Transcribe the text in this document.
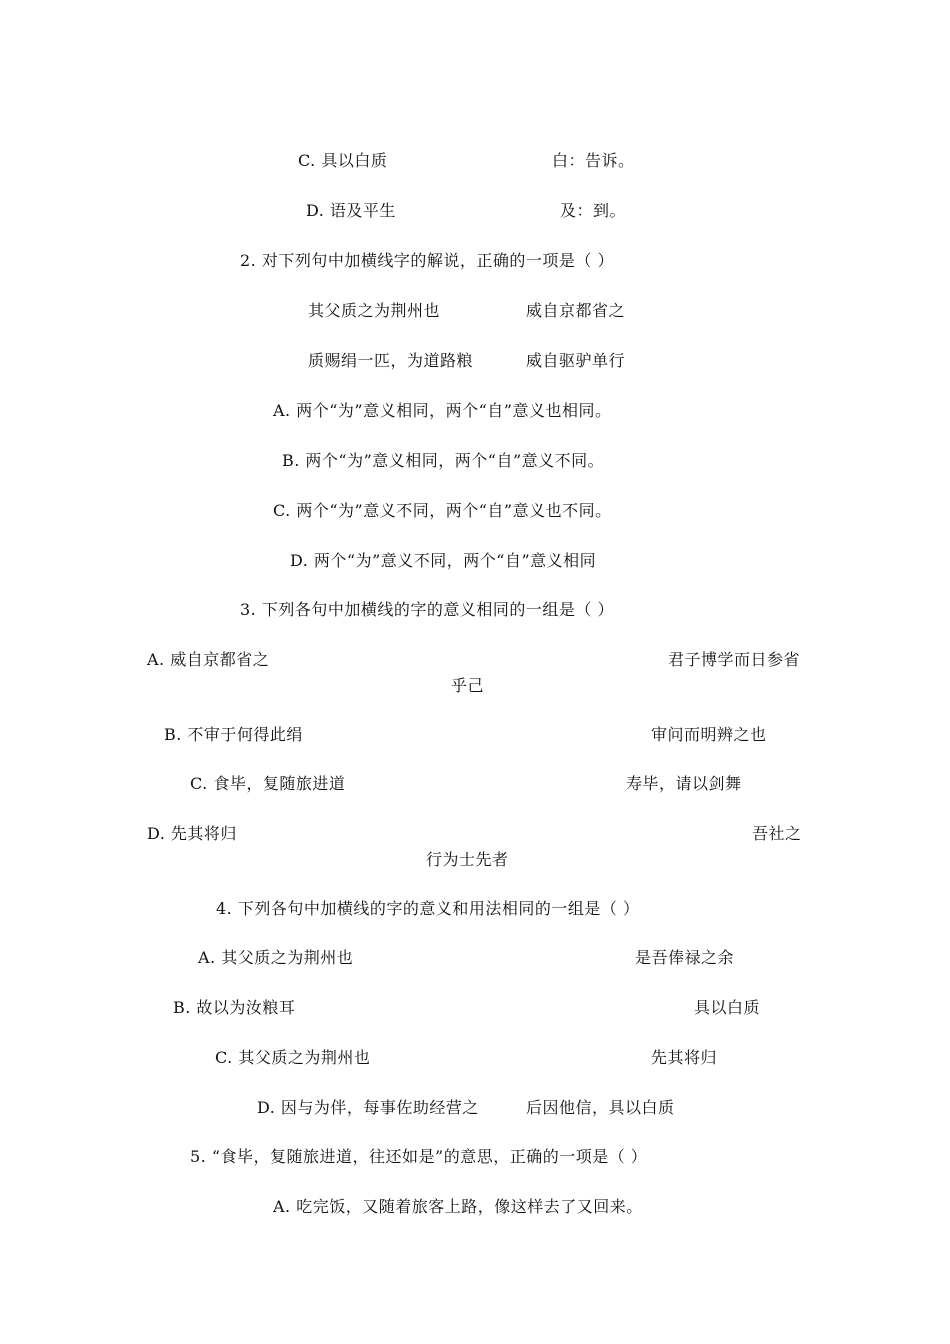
C. 具以白质	白：告诉。
D. 语及平生	及：到。
2. 对下列句中加横线字的解说，正确的一项是（ ）
其父质之为荆州也	威自京都省之
质赐绢一匹，为道路粮	威自驱驴单行
A. 两个“为”意义相同，两个“自”意义也相同。
B. 两个“为”意义相同，两个“自”意义不同。
C. 两个“为”意义不同，两个“自”意义也不同。
D. 两个“为”意义不同，两个“自”意义相同
3. 下列各句中加横线的字的意义相同的一组是（ ）
A. 威自京都省之	君子博学而日参省
乎己
B. 不审于何得此绢	审问而明辨之也
C. 食毕，复随旅进道	寿毕，请以剑舞
D. 先其将归	吾社之
行为士先者
4. 下列各句中加横线的字的意义和用法相同的一组是（ ）
A. 其父质之为荆州也	是吾俸禄之余
B. 故以为汝粮耳	具以白质
C. 其父质之为荆州也	先其将归
D. 因与为伴，每事佐助经营之	后因他信，具以白质
5. “食毕，复随旅进道，往还如是”的意思，正确的一项是（ ）
A. 吃完饭，又随着旅客上路，像这样去了又回来。
